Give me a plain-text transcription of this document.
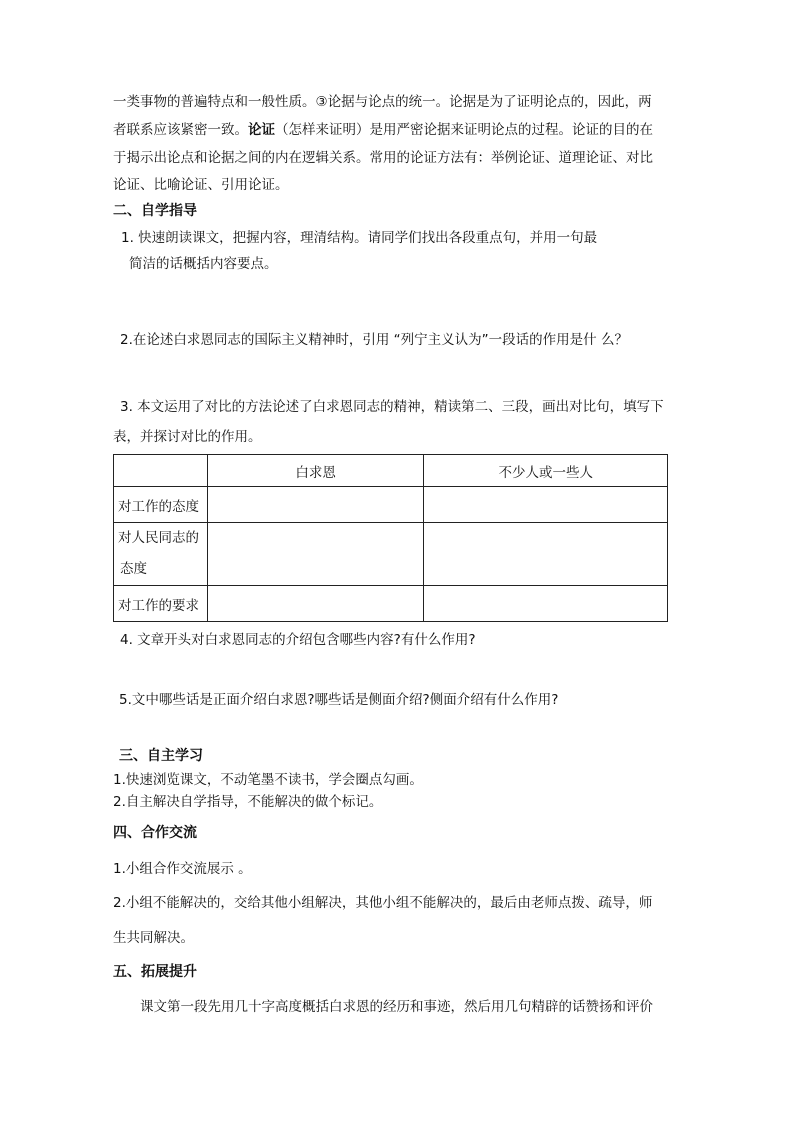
一类事物的普遍特点和一般性质。③论据与论点的统一。论据是为了证明论点的，因此，两
者联系应该紧密一致。论证（怎样来证明）是用严密论据来证明论点的过程。论证的目的在
于揭示出论点和论据之间的内在逻辑关系。常用的论证方法有：举例论证、道理论证、对比
论证、比喻论证、引用论证。
二、自学指导
1. 快速朗读课文，把握内容，理清结构。请同学们找出各段重点句，并用一句最
简洁的话概括内容要点。
2.在论述白求恩同志的国际主义精神时，引用 “列宁主义认为”一段话的作用是什 么？
3. 本文运用了对比的方法论述了白求恩同志的精神，精读第二、三段，画出对比句，填写下
表，并探讨对比的作用。
	白求恩	不少人或一些人
对工作的态度		

对人民同志的
态度		

对工作的要求		
4. 文章开头对白求恩同志的介绍包含哪些内容?有什么作用?
5.文中哪些话是正面介绍白求恩?哪些话是侧面介绍?侧面介绍有什么作用?
三、自主学习
1.快速浏览课文，不动笔墨不读书，学会圈点勾画。
2.自主解决自学指导，不能解决的做个标记。
四、合作交流
1.小组合作交流展示 。
2.小组不能解决的，交给其他小组解决，其他小组不能解决的，最后由老师点拨、疏导，师
生共同解决。
五、拓展提升
课文第一段先用几十字高度概括白求恩的经历和事迹，然后用几句精辟的话赞扬和评价
